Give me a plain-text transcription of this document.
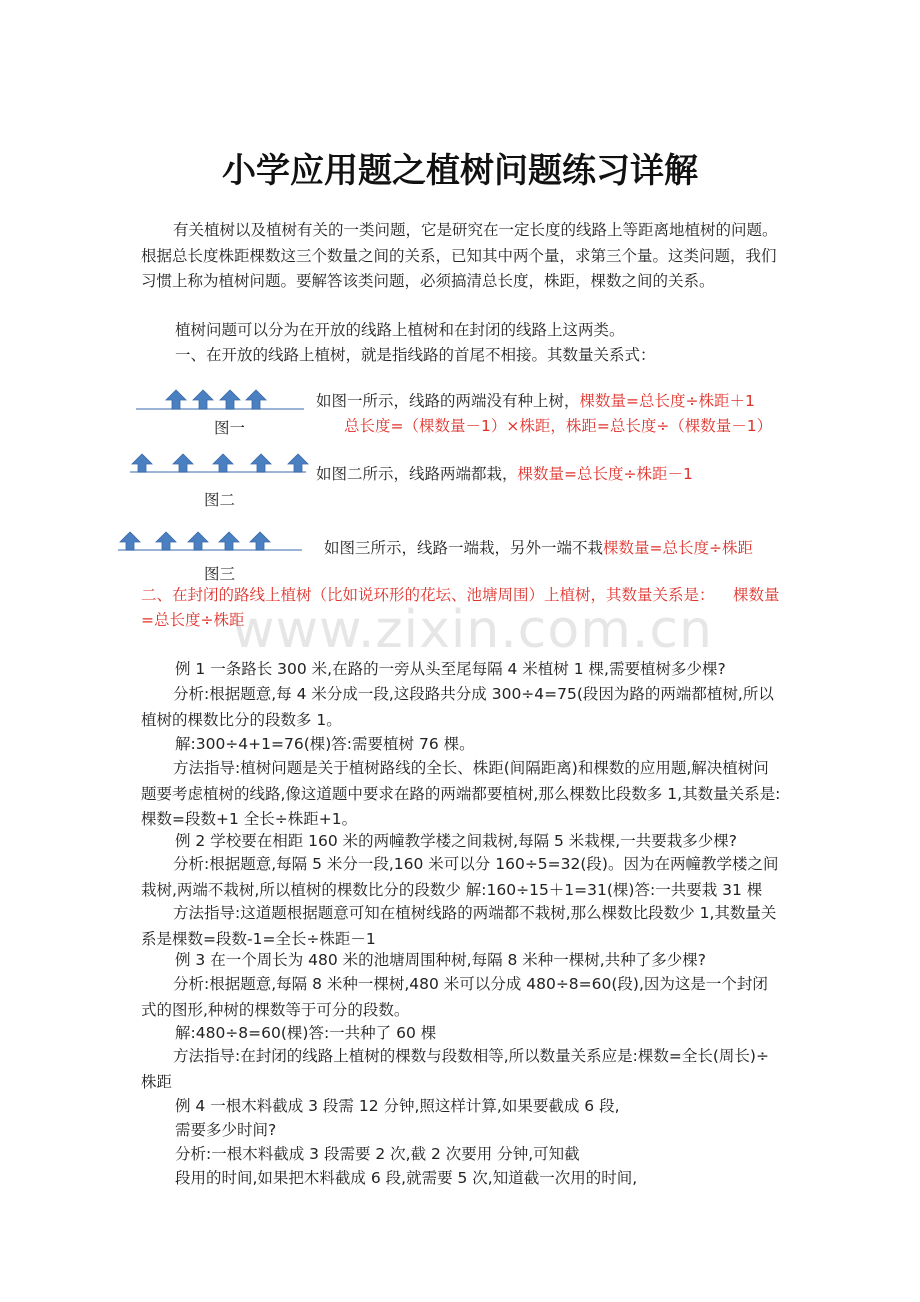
www.zixin.com.cn
小学应用题之植树问题练习详解
有关植树以及植树有关的一类问题，它是研究在一定长度的线路上等距离地植树的问题。根据总长度株距棵数这三个数量之间的关系，已知其中两个量，求第三个量。这类问题，我们习惯上称为植树问题。要解答该类问题，必须搞清总长度，株距，棵数之间的关系。
植树问题可以分为在开放的线路上植树和在封闭的线路上这两类。
一、在开放的线路上植树，就是指线路的首尾不相接。其数量关系式：
图一
如图一所示，线路的两端没有种上树，棵数量=总长度÷株距＋1
总长度=（棵数量－1）×株距，株距=总长度÷（棵数量－1）
图二
如图二所示，线路两端都栽，棵数量=总长度÷株距－1
图三
如图三所示，线路一端栽，另外一端不栽棵数量=总长度÷株距
二、在封闭的路线上植树（比如说环形的花坛、池塘周围）上植树，其数量关系是： 棵数量
=总长度÷株距
例 1 一条路长 300 米,在路的一旁从头至尾每隔 4 米植树 1 棵,需要植树多少棵?
分析:根据题意,每 4 米分成一段,这段路共分成 300÷4=75(段因为路的两端都植树,所以植树的棵数比分的段数多 1。
解:300÷4+1=76(棵)答:需要植树 76 棵。
方法指导:植树问题是关于植树路线的全长、株距(间隔距离)和棵数的应用题,解决植树问题要考虑植树的线路,像这道题中要求在路的两端都要植树,那么棵数比段数多 1,其数量关系是:棵数=段数+1 全长÷株距+1。
例 2 学校要在相距 160 米的两幢教学楼之间栽树,每隔 5 米栽棵,一共要栽多少棵?
分析:根据题意,每隔 5 米分一段,160 米可以分 160÷5=32(段)。因为在两幢教学楼之间栽树,两端不栽树,所以植树的棵数比分的段数少 解:160÷15＋1=31(棵)答:一共要栽 31 棵
方法指导:这道题根据题意可知在植树线路的两端都不栽树,那么棵数比段数少 1,其数量关系是棵数=段数-1=全长÷株距－1
例 3 在一个周长为 480 米的池塘周围种树,每隔 8 米种一棵树,共种了多少棵?
分析:根据题意,每隔 8 米种一棵树,480 米可以分成 480÷8=60(段),因为这是一个封闭式的图形,种树的棵数等于可分的段数。
解:480÷8=60(棵)答:一共种了 60 棵
方法指导:在封闭的线路上植树的棵数与段数相等,所以数量关系应是:棵数=全长(周长)÷株距
例 4 一根木料截成 3 段需 12 分钟,照这样计算,如果要截成 6 段,
需要多少时间?
分析:一根木料截成 3 段需要 2 次,截 2 次要用 分钟,可知截
段用的时间,如果把木料截成 6 段,就需要 5 次,知道截一次用的时间,
